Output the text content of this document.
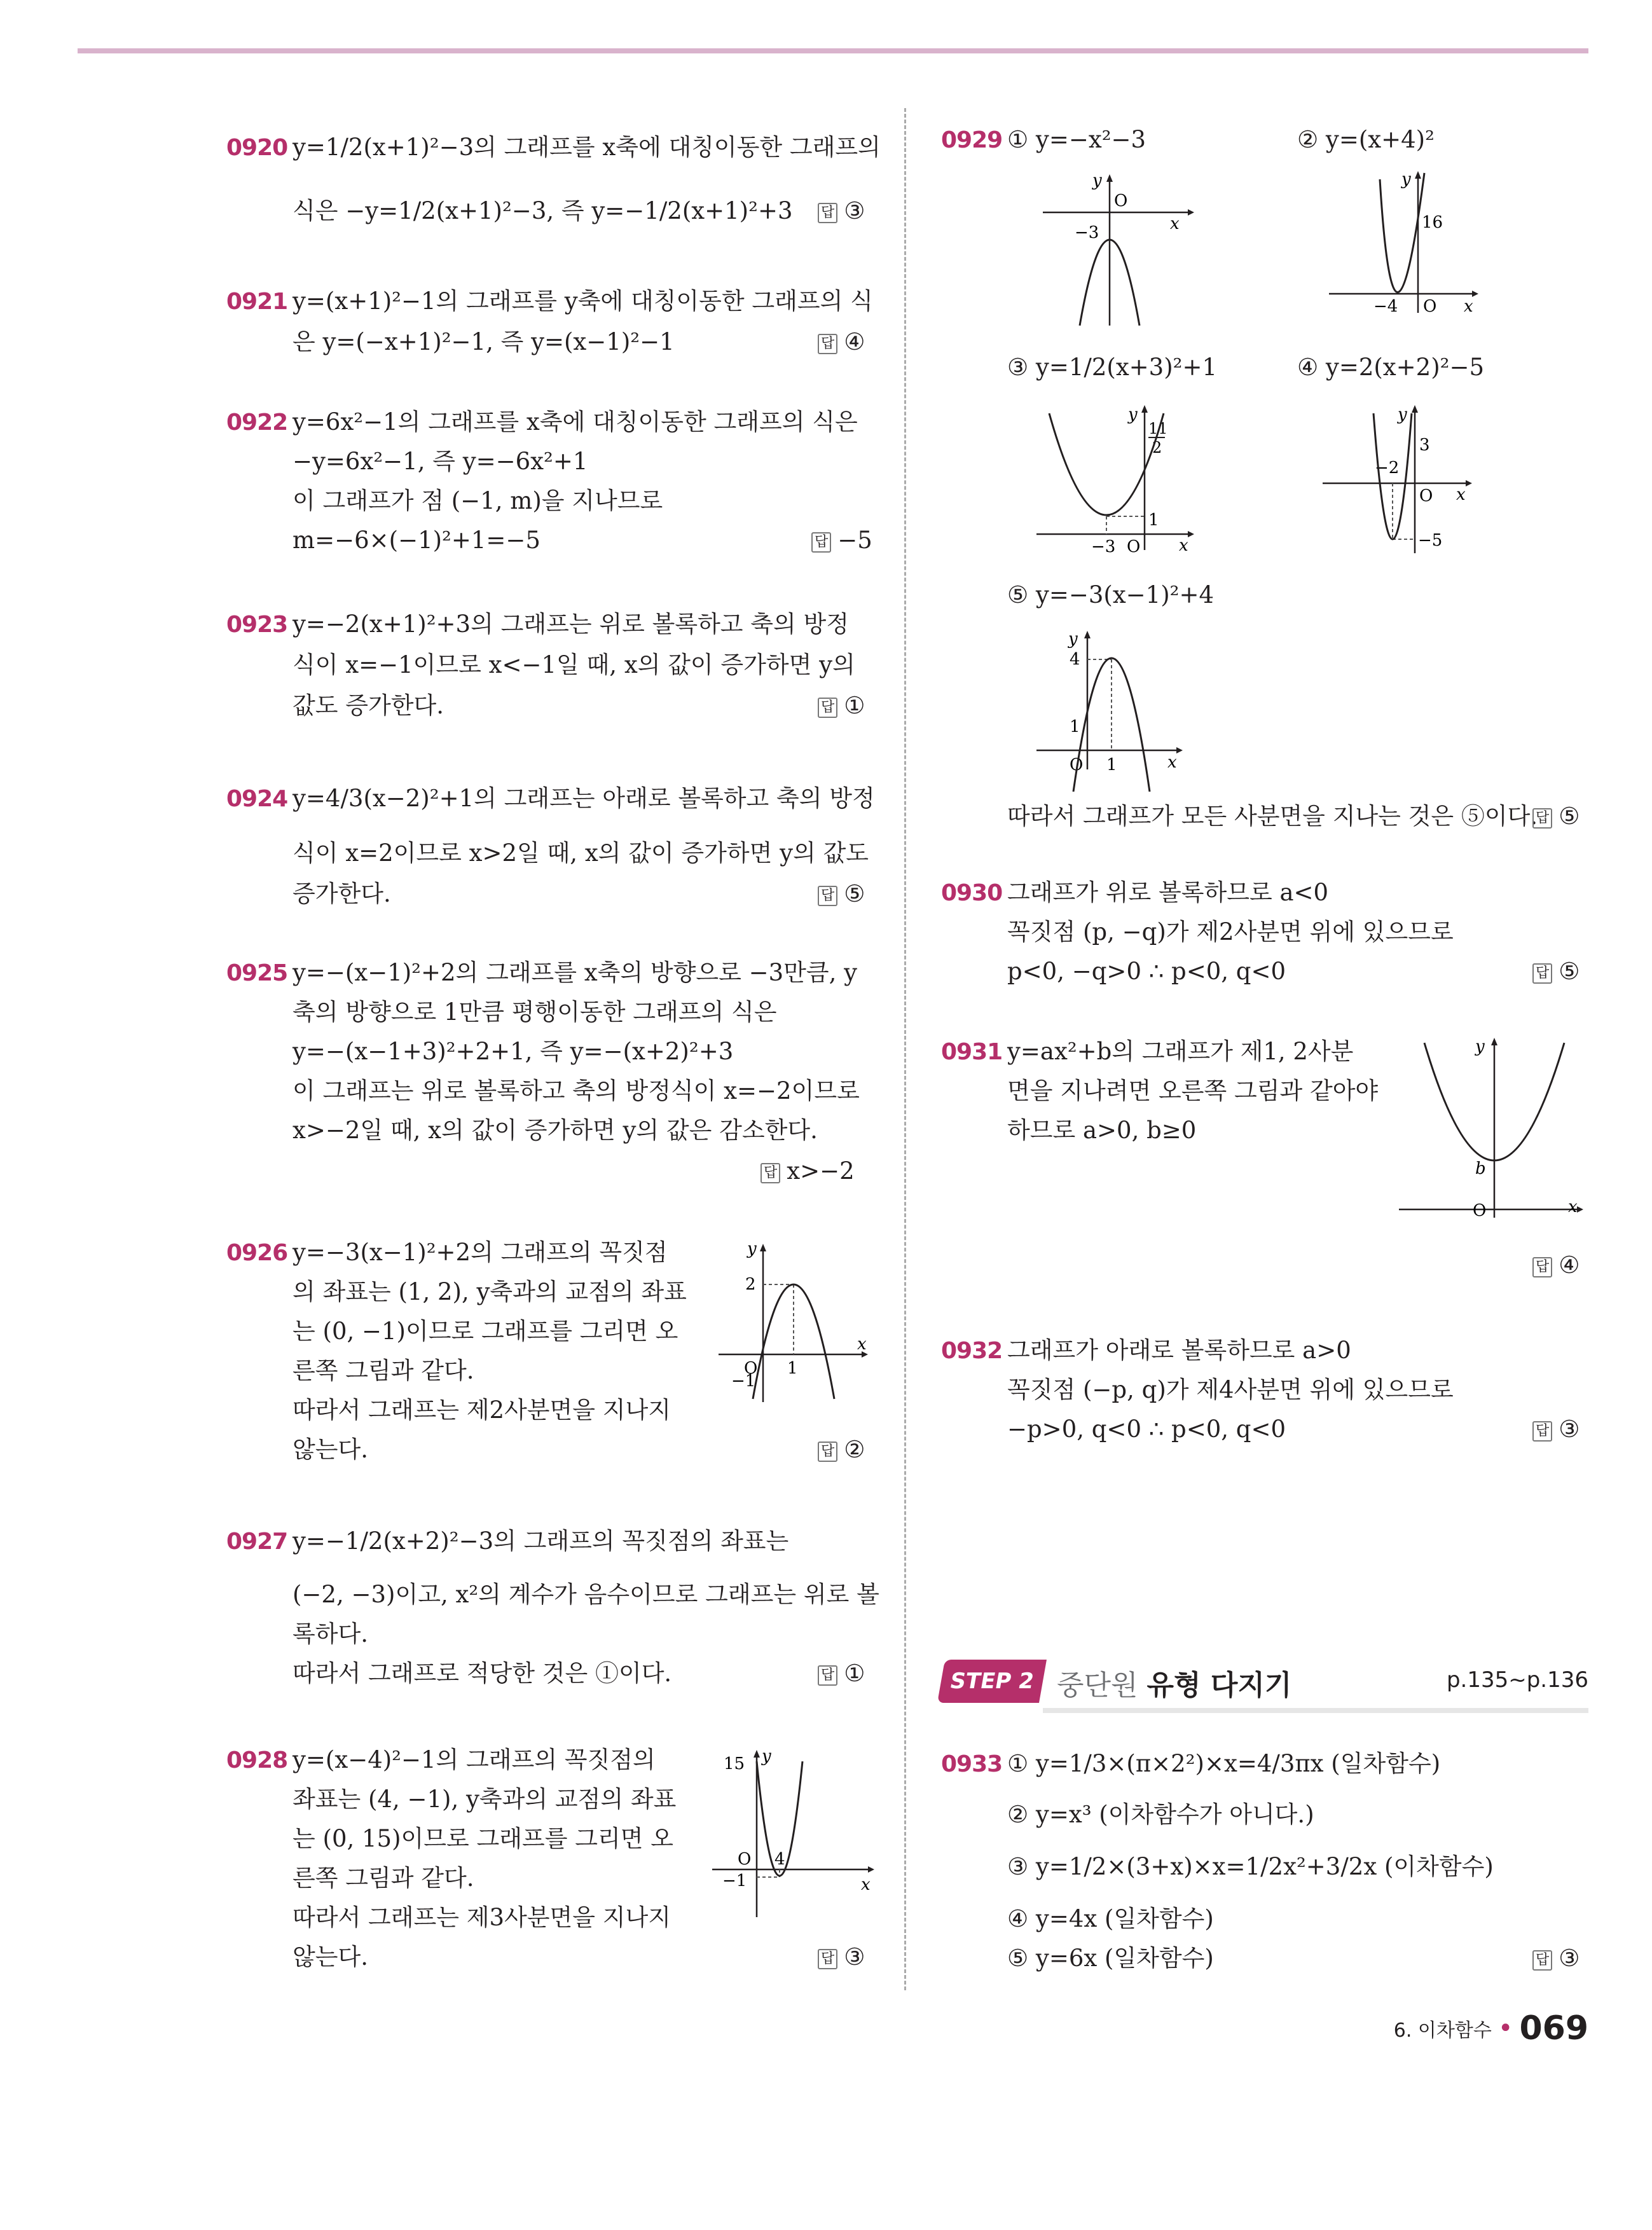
0920 y=1/2(x+1)²−3의 그래프를 x축에 대칭이동한 그래프의
식은 −y=1/2(x+1)²−3, 즉 y=−1/2(x+1)²+3 답 ③
0921 y=(x+1)²−1의 그래프를 y축에 대칭이동한 그래프의 식
은 y=(−x+1)²−1, 즉 y=(x−1)²−1	답 ④
0922 y=6x²−1의 그래프를 x축에 대칭이동한 그래프의 식은
−y=6x²−1, 즉 y=−6x²+1
이 그래프가 점 (−1, m)을 지나므로
m=−6×(−1)²+1=−5	답 −5
0923 y=−2(x+1)²+3의 그래프는 위로 볼록하고 축의 방정
식이 x=−1이므로 x<−1일 때, x의 값이 증가하면 y의
값도 증가한다.	답 ①
0924 y=4/3(x−2)²+1의 그래프는 아래로 볼록하고 축의 방정
식이 x=2이므로 x>2일 때, x의 값이 증가하면 y의 값도
증가한다.	답 ⑤
0925 y=−(x−1)²+2의 그래프를 x축의 방향으로 −3만큼, y
축의 방향으로 1만큼 평행이동한 그래프의 식은
y=−(x−1+3)²+2+1, 즉 y=−(x+2)²+3
이 그래프는 위로 볼록하고 축의 방정식이 x=−2이므로
x>−2일 때, x의 값이 증가하면 y의 값은 감소한다.
답 x>−2
0926 y=−3(x−1)²+2의 그래프의 꼭짓점
의 좌표는 (1, 2), y축과의 교점의 좌표
는 (0, −1)이므로 그래프를 그리면 오
른쪽 그림과 같다.
따라서 그래프는 제2사분면을 지나지
않는다.	답 ②
y
x
O
2
−1
1
0927 y=−1/2(x+2)²−3의 그래프의 꼭짓점의 좌표는
(−2, −3)이고, x²의 계수가 음수이므로 그래프는 위로 볼
록하다.
따라서 그래프로 적당한 것은 ①이다.	답 ①
0928 y=(x−4)²−1의 그래프의 꼭짓점의
좌표는 (4, −1), y축과의 교점의 좌표
는 (0, 15)이므로 그래프를 그리면 오
른쪽 그림과 같다.
따라서 그래프는 제3사분면을 지나지
않는다.	답 ③
y
x
O
15
−1
4
0929 ① y=−x²−3	② y=(x+4)²
③ y=1/2(x+3)²+1	④ y=2(x+2)²−5
⑤ y=−3(x−1)²+4
따라서 그래프가 모든 사분면을 지나는 것은 ⑤이다.
답 ⑤
y
x
O
−3
y
x
O
16
−4
y
x
O
1
−3
11
2
y
x
O
3
−5
−2
y
x
O
4
1
1
0930 그래프가 위로 볼록하므로 a<0
꼭짓점 (p, −q)가 제2사분면 위에 있으므로
p<0, −q>0 ∴ p<0, q<0	답 ⑤
0931 y=ax²+b의 그래프가 제1, 2사분
면을 지나려면 오른쪽 그림과 같아야
하므로 a>0, b≥0
답 ④
y
x
O
b
0932 그래프가 아래로 볼록하므로 a>0
꼭짓점 (−p, q)가 제4사분면 위에 있으므로
−p>0, q<0 ∴ p<0, q<0	답 ③
STEP 2 중단원 유형 다지기	p.135~p.136
0933 ① y=1/3×(π×2²)×x=4/3πx (일차함수)
② y=x³ (이차함수가 아니다.)
③ y=1/2×(3+x)×x=1/2x²+3/2x (이차함수)
④ y=4x (일차함수)
⑤ y=6x (일차함수)	답 ③
6. 이차함수 • 069
